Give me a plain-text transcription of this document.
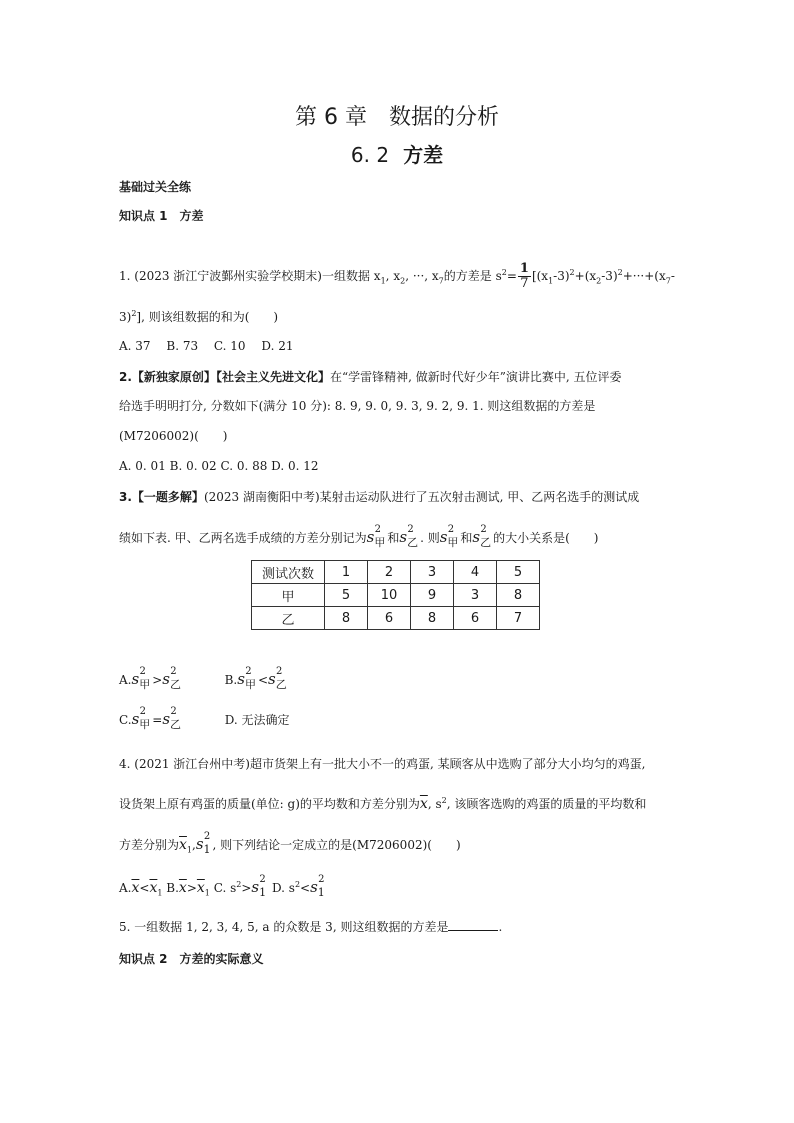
第 6 章　数据的分析
6. 2 方差
基础过关全练
知识点 1　方差
1. (2023 浙江宁波鄞州实验学校期末)一组数据 $x_1$, $x_2$, ···, $x_7$的方差是 $s^2= \frac{1}{7} [(x_1-3)^2+(x_2-3)^2+\cdot\cdot\cdot+(x_7-$
3)$^2$], 则该组数据的和为(　　)
A. 37　 B. 73　 C. 10　 D. 21
2.【新独家原创】【社会主义先进文化】在“学雷锋精神, 做新时代好少年”演讲比赛中, 五位评委
给选手明明打分, 分数如下(满分 10 分): 8. 9, 9. 0, 9. 3, 9. 2, 9. 1. 则这组数据的方差是
(M7206002)(　　)
A. 0. 01 B. 0. 02 C. 0. 88 D. 0. 12
3.【一题多解】(2023 湖南衡阳中考)某射击运动队进行了五次射击测试, 甲、乙两名选手的测试成
绩如下表. 甲、乙两名选手成绩的方差分别记为s 2
$_甲$ 和s 2
$_乙$ . 则s 2
$_甲$ 和s 2
$_乙$ 的大小关系是(　　)
测试次数	1	2	3	4	5
甲	5	10	9	3	8
乙	8	6	8	6	7
A.s 2
$_甲$ >s 2
$_乙$	B.s 2
$_甲$ <s 2
$_乙$
C.s 2
$_甲$ =s 2
$_乙$	D. 无法确定
4. (2021 浙江台州中考)超市货架上有一批大小不一的鸡蛋, 某顾客从中选购了部分大小均匀的鸡蛋,
设货架上原有鸡蛋的质量(单位: g)的平均数和方差分别为$\overline{x}$, $s^2$, 该顾客选购的鸡蛋的质量的平均数和
方差分别为$\overline{x}_1,s$ 2
$_1$ , 则下列结论一定成立的是(M7206002)(　　)
$A.\overline{x}<\overline{x}_1$ $B.\overline{x}>\overline{x}_1$ C. $s^2>s$ 2
$_1$ D. $s^2<s$ 2
$_1$
5. 一组数据 1, 2, 3, 4, 5, a 的众数是 3, 则这组数据的方差是	.
知识点 2　方差的实际意义
